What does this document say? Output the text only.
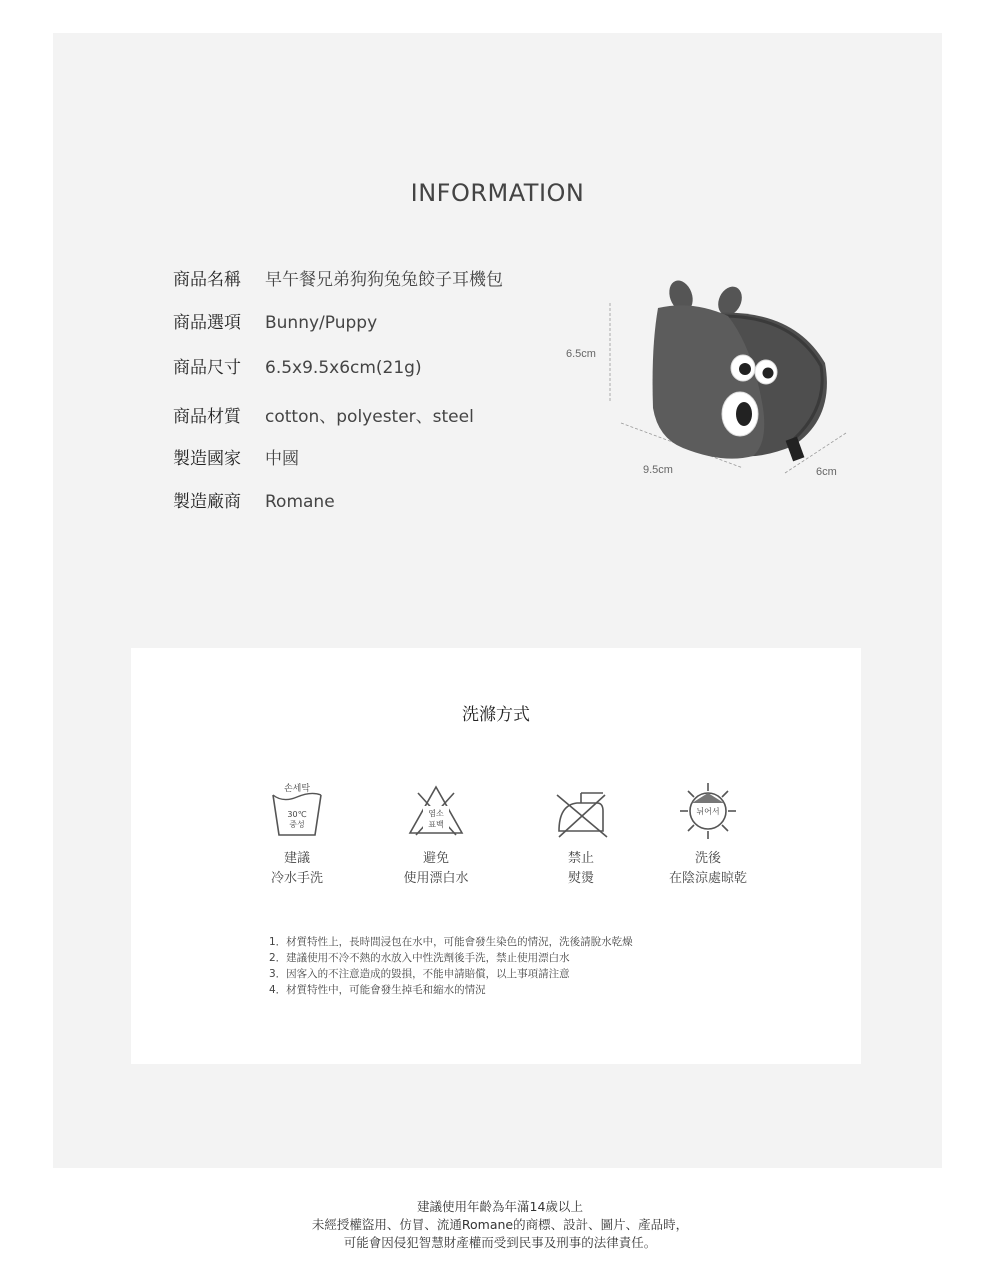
INFORMATION
商品名稱 早午餐兄弟狗狗兔兔餃子耳機包
商品選項 Bunny/Puppy
商品尺寸 6.5x9.5x6cm(21g)
商品材質 cotton、polyester、steel
製造國家 中國
製造廠商 Romane
6.5cm
9.5cm	6cm
洗滌方式
손세탁
30℃
중성
建議
冷水手洗
염소
표백
避免
使用漂白水
禁止
熨燙
뉘어서
洗後
在陰涼處晾乾
1．材質特性上，長時間浸包在水中，可能會發生染色的情況，洗後請脫水乾燥
2．建議使用不冷不熱的水放入中性洗劑後手洗，禁止使用漂白水
3．因客入的不注意造成的毀損，不能申請賠償，以上事項請注意
4．材質特性中，可能會發生掉毛和縮水的情況
建議使用年齡為年滿14歲以上
未經授權盜用、仿冒、流通Romane的商標、設計、圖片、產品時，
可能會因侵犯智慧財產權而受到民事及刑事的法律責任。
